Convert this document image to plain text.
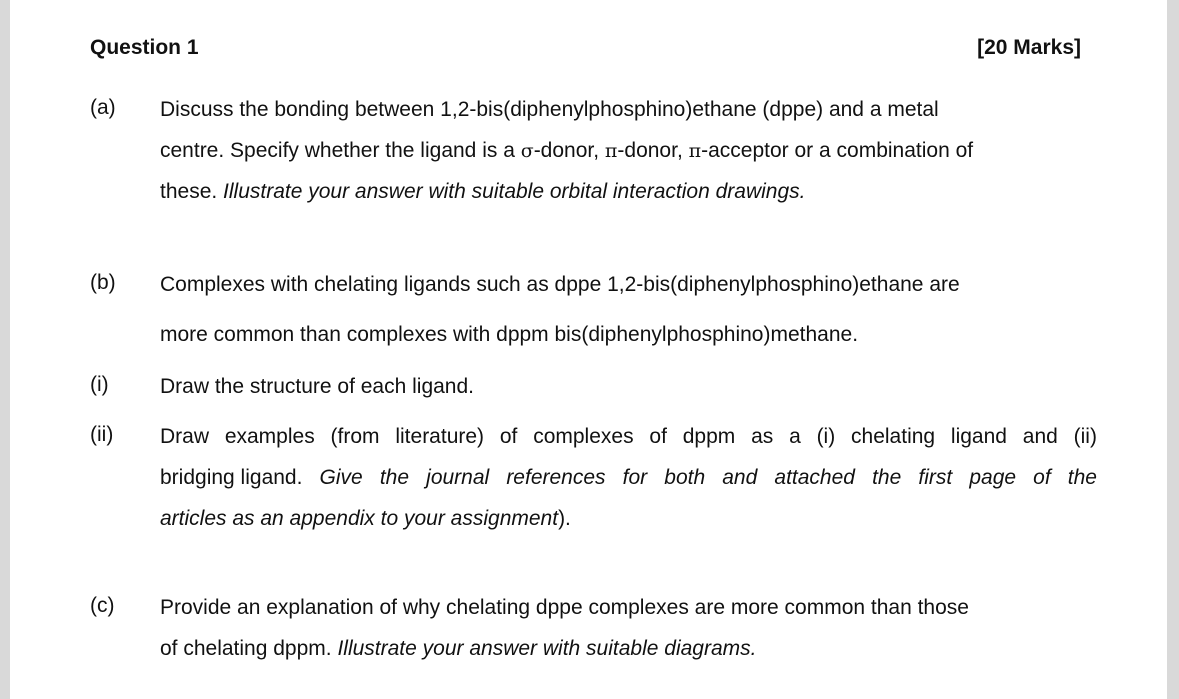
Question 1	[20 Marks]
(a)	Discuss the bonding between 1,2-bis(diphenylphosphino)ethane (dppe) and a metal
centre. Specify whether the ligand is a σ-donor, π-donor, π-acceptor or a combination of
these. Illustrate your answer with suitable orbital interaction drawings.
(b)	Complexes with chelating ligands such as dppe 1,2-bis(diphenylphosphino)ethane are
more common than complexes with dppm bis(diphenylphosphino)methane.
(i)	Draw the structure of each ligand.
(ii)	Draw examples (from literature) of complexes of dppm as a (i) chelating ligand and (ii)
bridging ligand. Give the journal references for both and attached the first page of the
articles as an appendix to your assignment).
(c)	Provide an explanation of why chelating dppe complexes are more common than those
of chelating dppm. Illustrate your answer with suitable diagrams.
